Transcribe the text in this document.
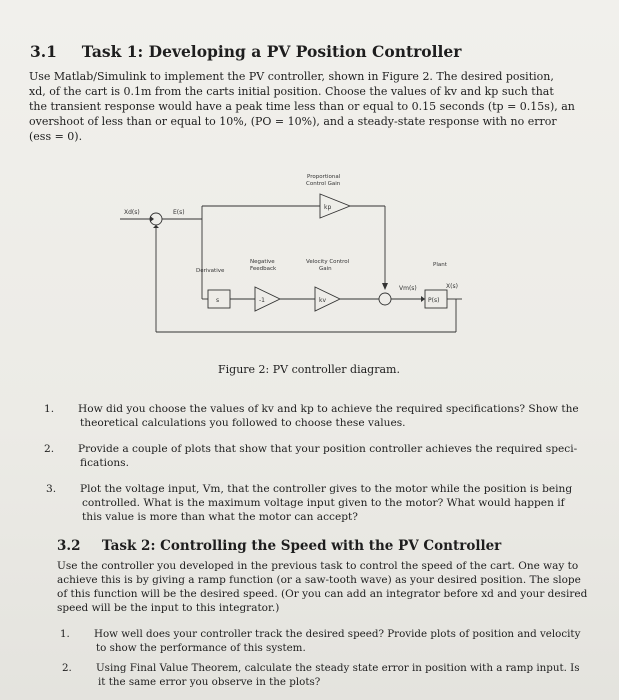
3.1 Task 1: Developing a PV Position Controller
Use Matlab/Simulink to implement the PV controller, shown in Figure 2. The desired position,
xd, of the cart is 0.1m from the carts initial position. Choose the values of kv and kp such that
the transient response would have a peak time less than or equal to 0.15 seconds (tp = 0.15s), an
overshoot of less than or equal to 10%, (PO = 10%), and a steady-state response with no error
(ess = 0).
Xd(s)	E(s)
Proportional
Control Gain
kp
Derivative
Negative
Feedback
Velocity Control
Gain
Plant
Vm(s)	X(s)
P(s)
s	-1	kv
Figure 2: PV controller diagram.
1. How did you choose the values of kv and kp to achieve the required specifications? Show the
theoretical calculations you followed to choose these values.
2. Provide a couple of plots that show that your position controller achieves the required speci-
fications.
3. Plot the voltage input, Vm, that the controller gives to the motor while the position is being
controlled. What is the maximum voltage input given to the motor? What would happen if
this value is more than what the motor can accept?
3.2 Task 2: Controlling the Speed with the PV Controller
Use the controller you developed in the previous task to control the speed of the cart. One way to
achieve this is by giving a ramp function (or a saw-tooth wave) as your desired position. The slope
of this function will be the desired speed. (Or you can add an integrator before xd and your desired
speed will be the input to this integrator.)
1. How well does your controller track the desired speed? Provide plots of position and velocity
to show the performance of this system.
2. Using Final Value Theorem, calculate the steady state error in position with a ramp input. Is
it the same error you observe in the plots?
